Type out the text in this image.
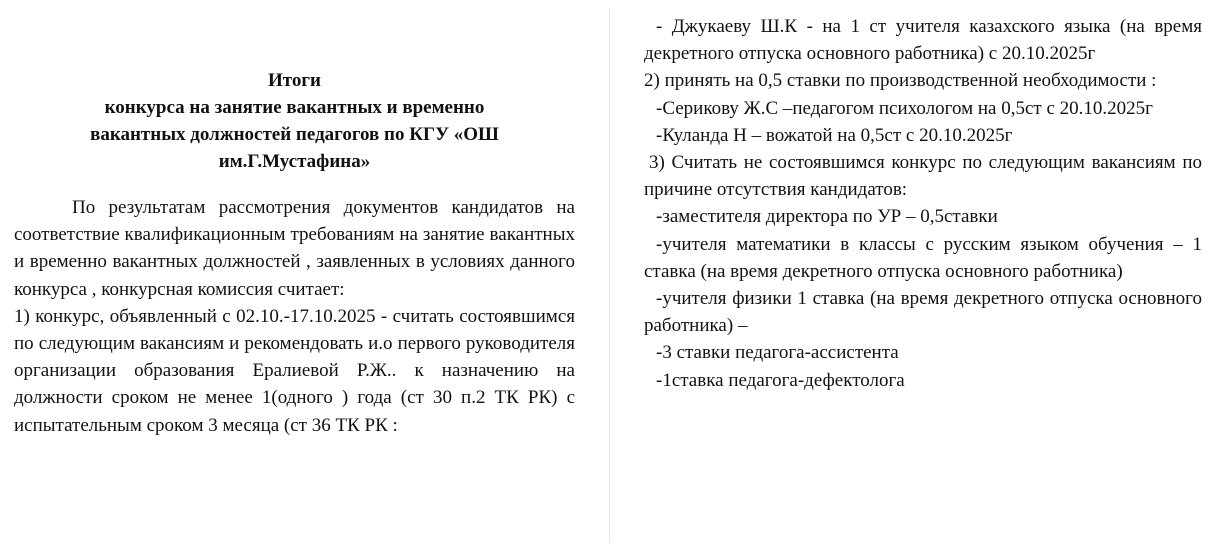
Итоги
конкурса на занятие вакантных и временно
вакантных должностей педагогов по КГУ «ОШ
им.Г.Мустафина»

По результатам рассмотрения документов кандидатов на соответствие квалификационным требованиям на занятие вакантных и временно вакантных должностей , заявленных в условиях данного конкурса , конкурсная комиссия считает:

1) конкурс, объявленный с 02.10.-17.10.2025 - считать состоявшимся по следующим вакансиям и рекомендовать и.о первого руководителя организации образования Ералиевой Р.Ж.. к назначению на должности сроком не менее 1(одного ) года (ст 30 п.2 ТК РК) с испытательным сроком 3 месяца (ст 36 ТК РК :

- Джукаеву Ш.К - на 1 ст учителя казахского языка (на время декретного отпуска основного работника) с 20.10.2025г

2) принять на 0,5 ставки по производственной необходимости :

-Серикову Ж.С –педагогом психологом на 0,5ст с 20.10.2025г

-Куланда Н – вожатой на 0,5ст с 20.10.2025г

3) Считать не состоявшимся конкурс по следующим вакансиям по причине отсутствия кандидатов:

-заместителя директора по УР – 0,5ставки

-учителя математики в классы с русским языком обучения – 1 ставка (на время декретного отпуска основного работника)

-учителя физики 1 ставка (на время декретного отпуска основного работника) –

-3 ставки педагога-ассистента

-1ставка педагога-дефектолога
